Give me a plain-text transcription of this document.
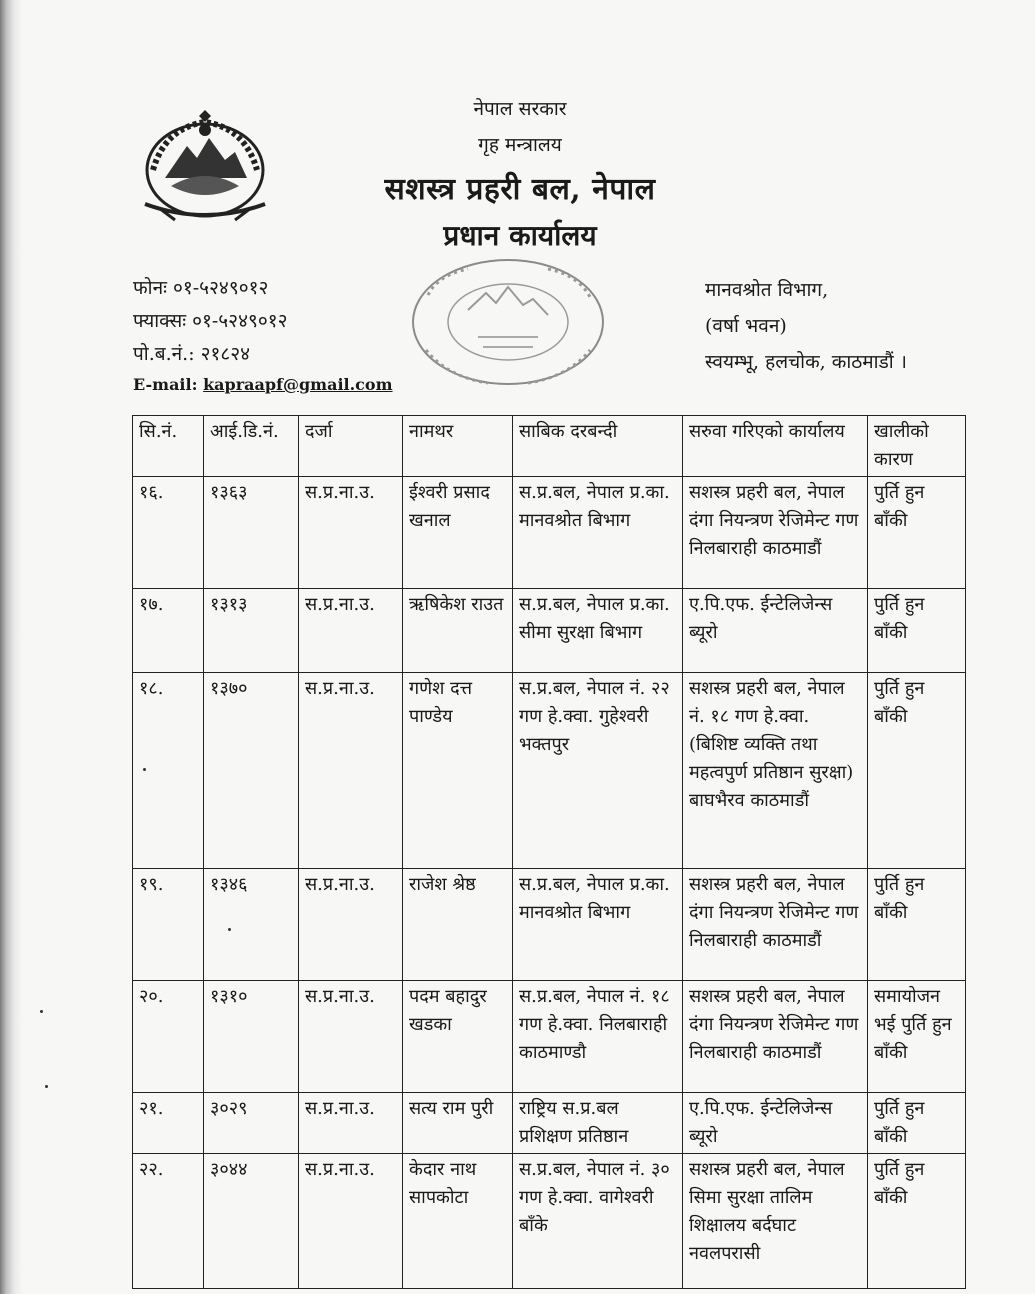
नेपाल सरकार
गृह मन्त्रालय
सशस्त्र प्रहरी बल, नेपाल
प्रधान कार्यालय
फोनः ०१-५२४९०१२
फ्याक्सः ०१-५२४९०१२
पो.ब.नं.: २१८२४
E-mail: kapraapf@gmail.com
मानवश्रोत विभाग,
(वर्षा भवन)
स्वयम्भू, हलचोक, काठमाडौं ।
सि.नं.	आई.डि.नं.	दर्जा	नामथर	साबिक दरबन्दी	सरुवा गरिएको कार्यालय	खालीको कारण
१६.	१३६३	स.प्र.ना.उ.	ईश्वरी प्रसाद खनाल	स.प्र.बल, नेपाल प्र.का. मानवश्रोत बिभाग	सशस्त्र प्रहरी बल, नेपाल दंगा नियन्त्रण रेजिमेन्ट गण निलबाराही काठमाडौं	पुर्ति हुन बाँकी
१७.	१३१३	स.प्र.ना.उ.	ऋषिकेश राउत	स.प्र.बल, नेपाल प्र.का. सीमा सुरक्षा बिभाग	ए.पि.एफ. ईन्टेलिजेन्स ब्यूरो	पुर्ति हुन बाँकी
१८.	१३७०	स.प्र.ना.उ.	गणेश दत्त पाण्डेय	स.प्र.बल, नेपाल नं. २२ गण हे.क्वा. गुहेश्वरी भक्तपुर	सशस्त्र प्रहरी बल, नेपाल नं. १८ गण हे.क्वा. (बिशिष्ट व्यक्ति तथा महत्वपुर्ण प्रतिष्ठान सुरक्षा) बाघभैरव काठमाडौं	पुर्ति हुन बाँकी
१९.	१३४६	स.प्र.ना.उ.	राजेश श्रेष्ठ	स.प्र.बल, नेपाल प्र.का. मानवश्रोत बिभाग	सशस्त्र प्रहरी बल, नेपाल दंगा नियन्त्रण रेजिमेन्ट गण निलबाराही काठमाडौं	पुर्ति हुन बाँकी
२०.	१३१०	स.प्र.ना.उ.	पदम बहादुर खडका	स.प्र.बल, नेपाल नं. १८ गण हे.क्वा. निलबाराही काठमाण्डौ	सशस्त्र प्रहरी बल, नेपाल दंगा नियन्त्रण रेजिमेन्ट गण निलबाराही काठमाडौं	समायोजन भई पुर्ति हुन बाँकी
२१.	३०२९	स.प्र.ना.उ.	सत्य राम पुरी	राष्ट्रिय स.प्र.बल प्रशिक्षण प्रतिष्ठान	ए.पि.एफ. ईन्टेलिजेन्स ब्यूरो	पुर्ति हुन बाँकी
२२.	३०४४	स.प्र.ना.उ.	केदार नाथ सापकोटा	स.प्र.बल, नेपाल नं. ३० गण हे.क्वा. वागेश्वरी बाँके	सशस्त्र प्रहरी बल, नेपाल सिमा सुरक्षा तालिम शिक्षालय बर्दघाट नवलपरासी	पुर्ति हुन बाँकी
